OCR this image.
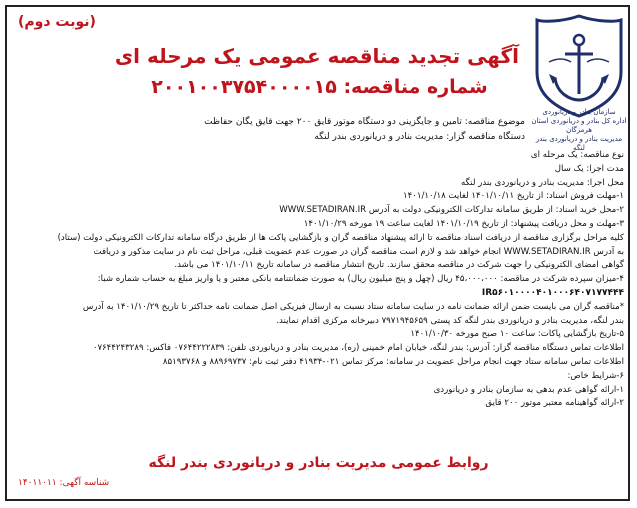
(نوبت دوم)
آگهی تجدید مناقصه عمومی یک مرحله ای
شماره مناقصه: ۲۰۰۱۰۰۳۷۵۴۰۰۰۰۱۵
سازمان بنادر و دریانوردی
اداره کل بنادر و دریانوردی استان هرمزگان
مدیریت بنادر و دریانوردی بندر لنگه
موضوع مناقصه: تامین و جایگزینی دو دستگاه موتور قایق ۲۰۰ جهت قایق یگان حفاظت
دستگاه مناقصه گزار: مدیریت بنادر و دریانوردی بندر لنگه
نوع مناقصه: یک مرحله ای
مدت اجرا: یک سال
محل اجرا: مدیریت بنادر و دریانوردی بندر لنگه
۱-مهلت فروش اسناد: از تاریخ ۱۴۰۱/۱۰/۱۱ لغایت ۱۴۰۱/۱۰/۱۸
۲-محل خرید اسناد: از طریق سامانه تدارکات الکترونیکی دولت به آدرس WWW.SETADIRAN.IR
۳-مهلت و محل دریافت پیشنهاد: از تاریخ ۱۴۰۱/۱۰/۱۹ لغایت ساعت ۱۹ مورخه ۱۴۰۱/۱۰/۲۹
کلیه مراحل برگزاری مناقصه از دریافت اسناد مناقصه تا ارائه پیشنهاد مناقصه گران و بازگشایی پاکت ها از طریق درگاه سامانه تدارکات الکترونیکی دولت (ستاد)
به آدرس WWW.SETADIRAN.IR انجام خواهد شد و لازم است مناقصه گران در صورت عدم عضویت قبلی، مراحل ثبت نام در سایت مذکور و دریافت
گواهی امضای الکترونیکی را جهت شرکت در مناقصه محقق سازند. تاریخ انتشار مناقصه در سامانه تاریخ ۱۴۰۱/۱۰/۱۱ می باشد.
۴-میزان سپرده شرکت در مناقصه: ۴۵،۰۰۰،۰۰۰ ریال (چهل و پنج میلیون ریال) به صورت ضمانتنامه بانکی معتبر و یا واریز مبلغ به حساب شماره شبا:
IR۵۶۰۱۰۰۰۰۴۰۱۰۰۰۶۴۰۷۱۷۷۴۴۴
*مناقصه گران می بایست ضمن ارائه ضمانت نامه در سایت سامانه ستاد نسبت به ارسال فیزیکی اصل ضمانت نامه حداکثر تا تاریخ ۱۴۰۱/۱۰/۲۹ به آدرس
بندر لنگه، مدیریت بنادر و دریانوردی بندر لنگه کد پستی ۷۹۷۱۹۴۵۶۵۹ دبیرخانه مرکزی اقدام نمایند.
۵-تاریخ بازگشایی پاکات: ساعت ۱۰ صبح مورخه ۱۴۰۱/۱۰/۳۰
اطلاعات تماس دستگاه مناقصه گزار: آدرس: بندر لنگه، خیابان امام خمینی (ره)، مدیریت بنادر و دریانوردی تلفن: ۰۷۶۴۴۲۲۲۸۳۹ فاکس: ۰۷۶۴۴۲۴۳۲۸۹
اطلاعات تماس سامانه ستاد جهت انجام مراحل عضویت در سامانه: مرکز تماس ۰۲۱-۴۱۹۳۴ دفتر ثبت نام: ۸۸۹۶۹۷۳۷ و ۸۵۱۹۳۷۶۸
۶-شرایط خاص:
۱-ارائه گواهی عدم بدهی به سازمان بنادر و دریانوردی
۲-ارائه گواهینامه معتبر موتور ۲۰۰ قایق
روابط عمومی مدیریت بنادر و دریانوردی بندر لنگه
شناسه آگهی: ۱۴۰۱۱۰۱۱
